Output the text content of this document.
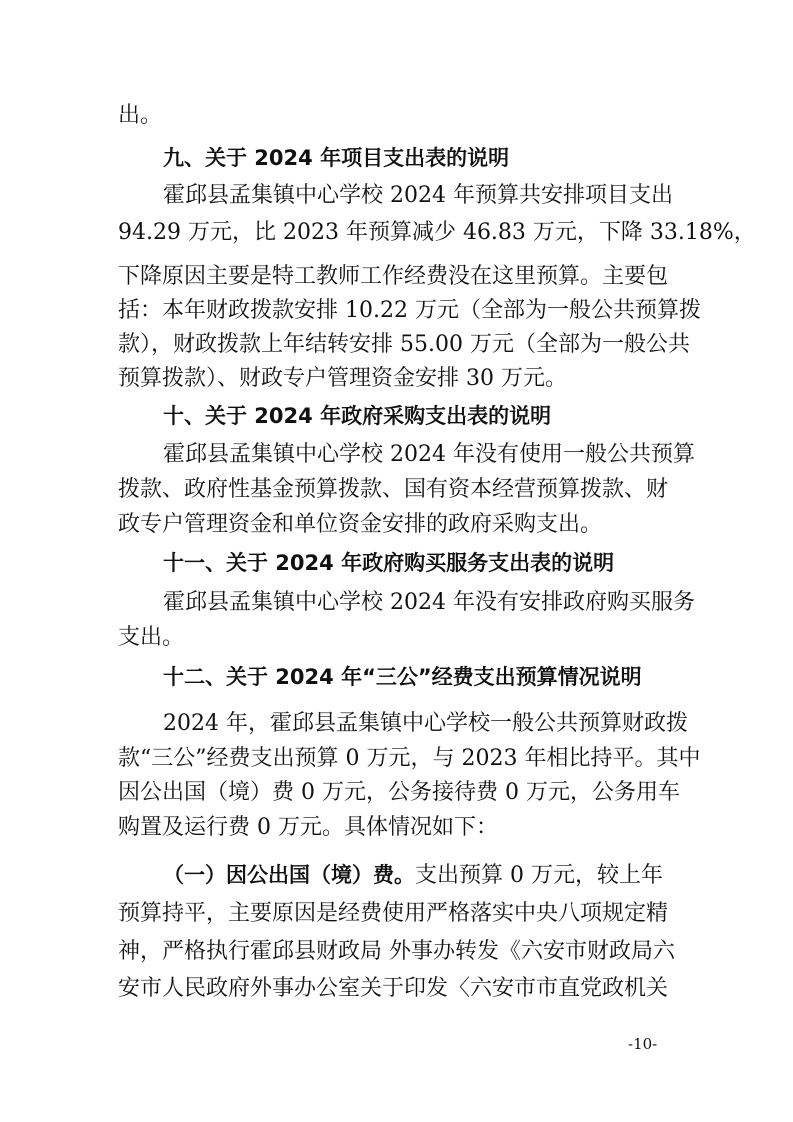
出。

九、关于 2024 年项目支出表的说明

霍邱县孟集镇中心学校 2024 年预算共安排项目支出

94.29 万元，比 2023 年预算减少 46.83 万元，下降 33.18%，

下降原因主要是特工教师工作经费没在这里预算。主要包

括：本年财政拨款安排 10.22 万元（全部为一般公共预算拨

款），财政拨款上年结转安排 55.00 万元（全部为一般公共

预算拨款）、财政专户管理资金安排 30 万元。

十、关于 2024 年政府采购支出表的说明

霍邱县孟集镇中心学校 2024 年没有使用一般公共预算

拨款、政府性基金预算拨款、国有资本经营预算拨款、财

政专户管理资金和单位资金安排的政府采购支出。

十一、关于 2024 年政府购买服务支出表的说明

霍邱县孟集镇中心学校 2024 年没有安排政府购买服务

支出。

十二、关于 2024 年“三公”经费支出预算情况说明

2024 年，霍邱县孟集镇中心学校一般公共预算财政拨

款“三公”经费支出预算 0 万元，与 2023 年相比持平。其中

因公出国（境）费 0 万元，公务接待费 0 万元，公务用车

购置及运行费 0 万元。具体情况如下：

（一）因公出国（境）费。支出预算 0 万元，较上年

预算持平，主要原因是经费使用严格落实中央八项规定精

神，严格执行霍邱县财政局 外事办转发《六安市财政局六

安市人民政府外事办公室关于印发〈六安市市直党政机关

-10-
